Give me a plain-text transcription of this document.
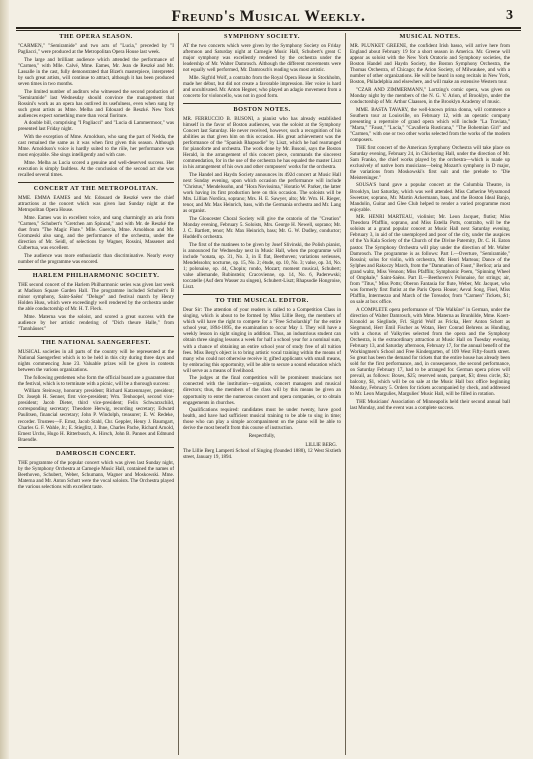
Freund's Musical Weekly.	3
THE OPERA SEASON.

"CARMEN," "Semiramide" and two acts of "Lucia," preceded by "I Pagliacci," were produced at the Metropolitan Opera House last week.

The large and brilliant audience which attended the performance of "Carmen," with Mlle. Calvé, Mme. Eames, Mr. Jean de Reszké and Mr. Lassalle in the cast, fully demonstrated that Bizet's masterpiece, interpreted by such great artists, will continue to attract, although it has been produced seven times in two months.

The limited number of auditors who witnessed the second production of "Semiramide" last Wednesday should convince the management that Rossini's work as an opera has outlived its usefulness, even when sung by such great artists as Mme. Melba and Edouard de Reszké. New York audiences expect something more than vocal fioriture.

A double bill, comprising "I Pagliacci" and "Lucia di Lammermoor," was presented last Friday night.

With the exception of Mme. Arnoldson, who sang the part of Nedda, the cast remained the same as it was when first given this season. Although Mme. Arnoldson's voice is hardly suited to the rôle, her performance was most enjoyable. She sings intelligently and with care.

Mme. Melba as Lucia scored a genuine and well-deserved success. Her execution is simply faultless. At the conclusion of the second act she was recalled several times.

CONCERT AT THE METROPOLITAN.

MME. EMMA EAMES and Mr. Edouard de Reszké were the chief attractions at the concert which was given last Sunday night at the Metropolitan Opera House.

Mme. Eames was in excellent voice, and sang charmingly an aria from "Carmen," Schubert's "Gretchen am Spinrad," and with Mr. de Reszké the duet from "The Magic Flute." Mlle. Guercia, Mme. Arnoldson and Mr. Gromzeski also sang, and the performance of the orchestra, under the direction of Mr. Seidl, of selections by Wagner, Rossini, Massenet and Culbertua, was excellent.

The audience was more enthusiastic than discriminative. Nearly every number of the programme was encored.

HARLEM PHILHARMONIC SOCIETY.

THE second concert of the Harlem Philharmonic series was given last week at Madison Square Garden Hall. The programme included Schubert's B minor symphony, Saint-Saëns' "Deluge" and festival march by Henry Holden Huss, which were exceedingly well rendered by the orchestra under the able conductorship of Mr. H. T. Fleck.

Mme. Materna was the soloist, and scored a great success with the audience by her artistic rendering of "Dich theure Halle," from "Tannhäuser."

THE NATIONAL SAENGERFEST.

MUSICAL societies in all parts of the country will be represented at the National Saengerfest which is to be held in this city during three days and nights commencing June 23. Valuable prizes will be given in contests between the various organizations.

The following gentlemen who form the official board are a guarantee that the festival, which is to terminate with a picnic, will be a thorough success:

William Steinway, honorary president; Richard Katzenmayer, president; Dr. Joseph H. Senner, first vice-president; Wm. Tenhoopel, second vice-president; Jacob Dieter, third vice-president; Felix Schwarzschild, corresponding secretary; Theodore Herwig, recording secretary; Edward Paulitsen, financial secretary; John P. Windolph, treasurer; E. W. Redeke, recorder. Trustees—F. Ernst, Jacob Stahl, Chr. Geppler, Henry J. Baumgart, Charles G. F. Wahle, Jr.; E. Stieglitz, J. Ihne, Charles Pache, Richard Arnold, Ernest Urchs, Hugo H. Ritterbusch, A. Hirsch, John B. Pannes and Edmund Braendle.

DAMROSCH CONCERT.

THE programme of the popular concert which was given last Sunday night, by the Symphony Orchestra at Carnegie Music Hall, contained the names of Beethoven, Schubert, Weber, Schumann, Wagner and Moskowski. Mme. Materna and Mr. Anton Schott were the vocal soloists. The Orchestra played the various selections with excellent taste.

SYMPHONY SOCIETY.

AT the two concerts which were given by the Symphony Society on Friday afternoon and Saturday night at Carnegie Music Hall, Schubert's great C major symphony was excellently rendered by the orchestra under the leadership of Mr. Walter Damrosch. Although the different movements were not equally well performed, Mr. Damrosch's reading was most artistic.

Mlle. Sigfrid Wolf, a contralto from the Royal Opera House in Stockholm, made her début, but did not create a favorable impression. Her voice is hard and uncultivated. Mr. Anton Hegner, who played an adagio movement from a concerto for violoncello, was not in good form.

BOSTON NOTES.

MR. FERRUCCIO B. BUSONI, a pianist who has already established himself in the favor of Boston audiences, was the soloist at the Symphony Concert last Saturday. He never received, however, such a recognition of his abilities as that given him on this occasion. His great achievement was the performance of the "Spanish Rhapsodie" by Liszt, which he had rearranged for pianoforte and orchestra. The work done by Mr. Busoni, says the Boston Herald, in the arrangement of this concert piece, commands the sincerest commendation, for in the use of the orchestra he has equaled the master Liszt in his arrangement of his own and other composers' works for the orchestra.

The Handel and Haydn Society announces its 492d concert at Music Hall next Sunday evening, upon which occasion the performance will include "Christus," Mendelssohn, and "Hora Novissima," Horatio W. Parker, the latter work having its first production here on this occasion. The soloists will be Mrs. Lillian Nordica, soprano; Mrs. H. E. Sawyer, alto; Mr. Wm. H. Rieger, tenor, and Mr. Max Heinrich, bass, with the Germania orchestra and Mr. Lang as organist.

The Gloucester Choral Society will give the oratorio of the "Creation" Monday evening, February 5. Soloists, Mrs. George H. Newell, soprano; Mr. J. C. Bartlett, tenor; Mr. Max Heinrich, bass; Mr. G. W. Dudley, conductor; Huddell's orchestra.

The first of the matinees to be given by Josef Slivinski, the Polish pianist, is announced for Wednesday next in Music Hall, when the programme will include "sonata, op. 31, No. 3, in E flat, Beethoven; variations serieuses, Mendelssohn; nocturne, op. 15, No. 2; étude, op. 10, No. 3; valse, op. 34, No. 1; polonaise, op. 44, Chopin; rondo, Mozart; moment musical, Schubert; valse allemande, Rubinstein; Cracovienne, op. 14, No. 6, Paderewski; toccatelle (Auf dem Wasser zu singen), Schubert-Liszt; Rhapsodie Hongroise, Liszt.

TO THE MUSICAL EDITOR.

Dear Sir: The attention of your readers is called to a Competition Class in singing, which is about to be formed by Miss Lillie Berg, the members of which will have the right to compete for a "Free Scholarship" for the entire school year, 1894-1895, the examination to occur May 1. They will have a weekly lesson in sight singing in addition. Thus, an industrious student can obtain three singing lessons a week for half a school year for a nominal sum, with a chance of obtaining an entire school year of study free of all tuition fees. Miss Berg's object is to bring artistic vocal training within the means of many who could not otherwise receive it; gifted applicants with small means, by embracing this opportunity, will be able to secure a sound education which will serve as a means of livelihood.

The judges at the final competition will be prominent musicians not connected with the institution—organists, concert managers and musical directors; thus, the members of the class will by this means be given an opportunity to enter the numerous concert and opera companies, or to obtain engagements in churches.

Qualifications required: candidates must be under twenty, have good health, and have had sufficient musical training to be able to sing in time; those who can play a simple accompaniment on the piano will be able to derive the most benefit from this course of instruction.

Respectfully,

LILLIE BERG.

The Lillie Berg Lamperti School of Singing (founded 1880), 12 West Sixtieth street, January 19, 1894.

MUSICAL NOTES.

MR. PLUNKET GREENE, the confident Irish basso, will arrive here from England about February 19 for a short season in America. Mr. Greene will appear as soloist with the New York Oratorio and Symphony societies, the Boston Handel and Haydn Society, the Boston Symphony Orchestra, the Thomas Orchestra, of Chicago; the Arion Society, of Milwaukee, and with a number of other organizations. He will be heard in song recitals in New York, Boston, Philadelphia and elsewhere, and will make an extensive Western tour.

"CZAR AND ZIMMERMANN," Lortzing's comic opera, was given on Monday night by the members of the N. G. V. Arion, of Brooklyn, under the conductorship of Mr. Arthur Claassen, in the Brooklyn Academy of music.

MME. BASTA TAVARY, the well-known prima donna, will commence a Southern tour at Louisville, on February 12, with an operatic company presenting a repertoire of grand opera which will include "La Traviata," "Marta," "Faust," "Lucia," "Cavalleria Rusticana," "The Bohemian Girl" and "Carmen," with one or two other works selected from the works of the modern composers.

THE first concert of the American Symphony Orchestra will take place on Saturday evening, February 24, in Chickering Hall, under the direction of Mr. Sam Franko, the chief works played by the orchestra—which is made up exclusively of native born musicians—being Mozart's symphony in D major, the variations from Moskowski's first suit and the prelude to "Die Meistersinger."

SOUSA'S band gave a popular concert at the Columbia Theatre, in Brooklyn, last Saturday, which was well attended. Miss Catherine Wyssmond Sweetzer, soprano, Mr. Martin Ackermann, bass, and the Boston Ideal Banjo, Mandolin, Guitar and Glee Club helped to render a varied programme most enjoyable.

MR. HENRI MARTEAU, violinist; Mr. Leon Jacquet, flutist; Miss Theodora Pfafflin, soprano, and Miss Estella Potts, contralto, will be the soloists at a grand popular concert at Music Hall next Saturday evening, February 3, in aid of the unemployed and poor of the city, under the auspices of the Ya Kala Society of the Church of the Divine Paternity, Dr. C. H. Eaton pastor. The Symphony Orchestra will play under the direction of Mr. Walter Damrosch. The programme is as follows: Part I.—Overture, "Semiramide," Rossini; solos for violin, with orchestra, Mr. Henri Marteau; Dance of the Sylphes and Rakoczy March, from the "Damnation of Faust," Berlioz; aria and grand waltz, Miss Vennon; Miss Pfafflin; Symphonic Poem, "Spinning Wheel of Omphale," Saint-Saëns. Part II.—Beethoven's Polonaise, for strings; air, from "Titus," Miss Potts; Oberon Fantasia for flute, Weber, Mr. Jacquet, who was formerly first flutist at the Paris Opera House; Aeval Song, Fisel, Miss Pfafflin, Intermezzo and March of the Toreador, from "Carmen" Tickets, $1; on sale at box office.

A COMPLETE opera performance of "Die Walküre" in German, under the direction of Walter Damrosch, with Mme. Materna as Brunhilde, Mme. Koert-Kronold as Sieglinde, Frl. Sigrid Wolf as Fricka, Herr Anton Schott as Siegmund, Herr Emil Fischer as Wotan, Herr Conrad Behrens as Hunding, with a chorus of Valkyries selected from the opera and the Symphony Orchestra, is the extraordinary attraction at Music Hall on Tuesday evening, February 13, and Saturday afternoon, February 17, for the annual benefit of the Workingmen's School and Free Kindergarten, of 109 West Fifty-fourth street. So great has been the demand for tickets that the entire house has already been sold for the first performance, and, in consequence, the second performance, on Saturday February 17, had to be arranged for. German opera prices will prevail, as follows: Boxes, $25; reserved seats, parquet, $3; dress circle, $2; balcony, $1, which will be on sale at the Music Hall box office beginning Monday, February 5. Orders for tickets accompanied by check, and addressed to Mr. Leon Margulies, Margulies' Music Hall, will be filled in rotation.

THE Musicians' Association of Minneapolis held their second annual ball last Monday, and the event was a complete success.
